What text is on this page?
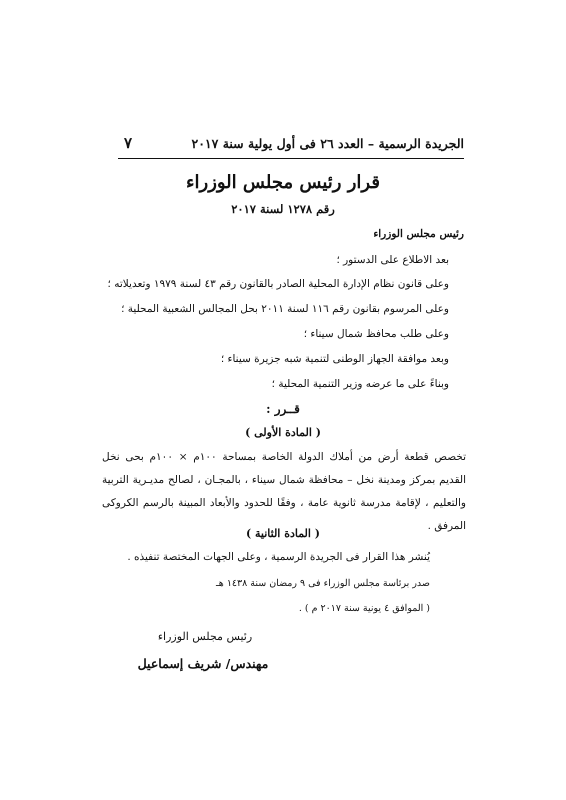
الجريدة الرسمية – العدد ٢٦ فى أول يولية سنة ٢٠١٧
٧
قرار رئيس مجلس الوزراء
رقم ١٢٧٨ لسنة ٢٠١٧
رئيس مجلس الوزراء
بعد الاطلاع على الدستور ؛
وعلى قانون نظام الإدارة المحلية الصادر بالقانون رقم ٤٣ لسنة ١٩٧٩ وتعديلاته ؛
وعلى المرسوم بقانون رقم ١١٦ لسنة ٢٠١١ بحل المجالس الشعبية المحلية ؛
وعلى طلب محافظ شمال سيناء ؛
وبعد موافقة الجهاز الوطنى لتنمية شبه جزيرة سيناء ؛
وبناءً على ما عرضه وزير التنمية المحلية ؛
قــرر :
( المادة الأولى )
تخصص قطعة أرض من أملاك الدولة الخاصة بمساحة ١٠٠م × ١٠٠م بحى نخل القديم بمركز ومدينة نخل – محافظة شمال سيناء ، بالمجـان ، لصالح مديـرية التربية والتعليم ، لإقامة مدرسة ثانوية عامة ، وفقًا للحدود والأبعاد المبينة بالرسم الكروكى المرفق .
( المادة الثانية )
يُنشر هذا القرار فى الجريدة الرسمية ، وعلى الجهات المختصة تنفيذه .
صدر برئاسة مجلس الوزراء فى ٩ رمضان سنة ١٤٣٨ هـ
( الموافق ٤ يونية سنة ٢٠١٧ م ) .
رئيس مجلس الوزراء
مهندس/ شريف إسماعيل
